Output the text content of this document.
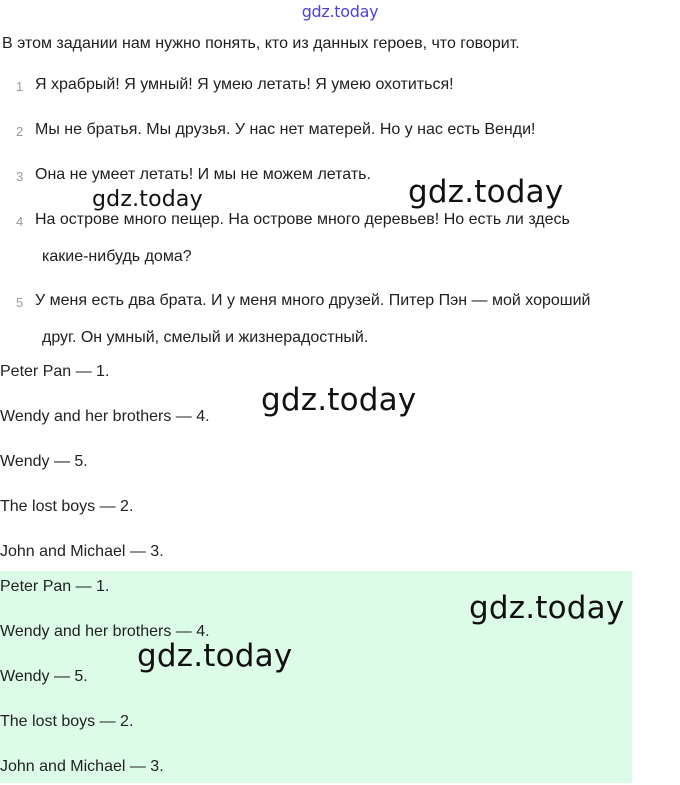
gdz.today
В этом задании нам нужно понять, кто из данных героев, что говорит.
1 Я храбрый! Я умный! Я умею летать! Я умею охотиться!
2 Мы не братья. Мы друзья. У нас нет матерей. Но у нас есть Венди!
3 Она не умеет летать! И мы не можем летать.
4 На острове много пещер. На острове много деревьев! Но есть ли здесь
какие-нибудь дома?
5 У меня есть два брата. И у меня много друзей. Питер Пэн — мой хороший
друг. Он умный, смелый и жизнерадостный.
Peter Pan — 1.
Wendy and her brothers — 4.
Wendy — 5.
The lost boys — 2.
John and Michael — 3.
Peter Pan — 1.
Wendy and her brothers — 4.
Wendy — 5.
The lost boys — 2.
John and Michael — 3.
gdz.today	gdz.today
gdz.today
gdz.today
gdz.today
